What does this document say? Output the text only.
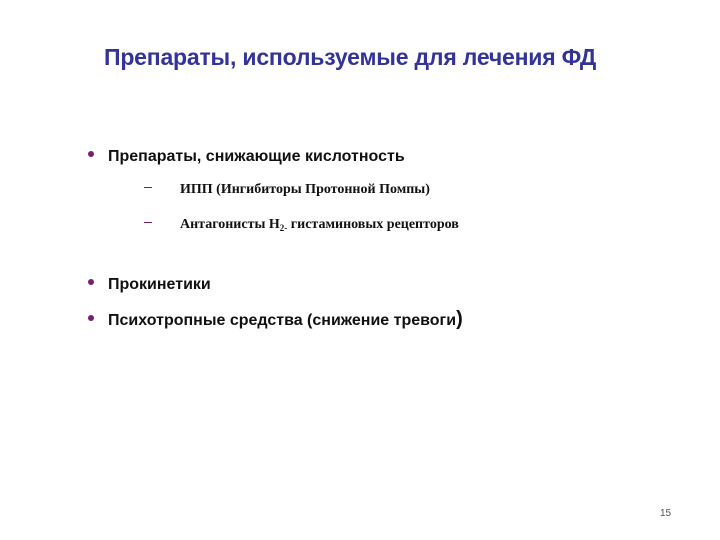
Препараты, используемые для лечения ФД
Препараты, снижающие кислотность
ИПП (Ингибиторы Протонной Помпы)
Антагонисты $Н_{2-}$ гистаминовых рецепторов
Прокинетики
Психотропные средства (снижение тревоги)
15
